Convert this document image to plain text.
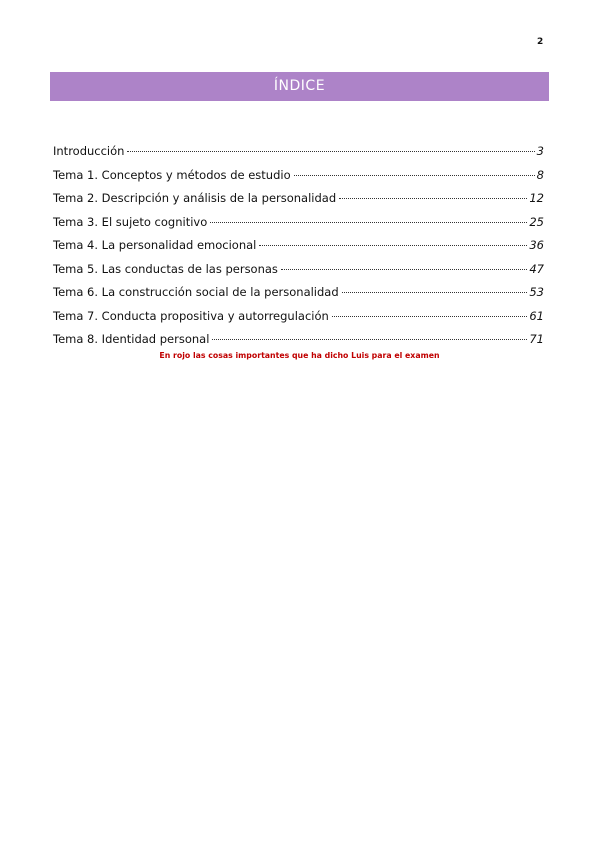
2
ÍNDICE
Introducción	3
Tema 1. Conceptos y métodos de estudio	8
Tema 2. Descripción y análisis de la personalidad	12
Tema 3. El sujeto cognitivo	25
Tema 4. La personalidad emocional	36
Tema 5. Las conductas de las personas	47
Tema 6. La construcción social de la personalidad	53
Tema 7. Conducta propositiva y autorregulación	61
Tema 8. Identidad personal	71
En rojo las cosas importantes que ha dicho Luis para el examen
